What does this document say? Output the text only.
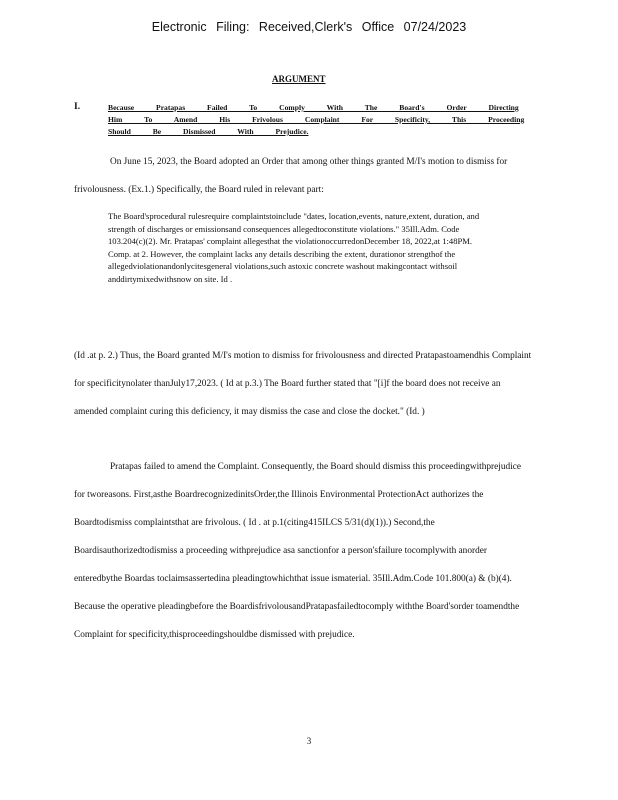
Electronic Filing: Received,Clerk's Office 07/24/2023
ARGUMENT
I.	Because Pratapas Failed To Comply With The Board's Order Directing Him To Amend His Frivolous Complaint For Specificity, This Proceeding Should Be Dismissed With Prejudice.
On June 15, 2023, the Board adopted an Order that among other things granted M/I's motion to dismiss for frivolousness. (Ex.1.) Specifically, the Board ruled in relevant part:
The Board'sprocedural rulesrequire complaintstoinclude "dates, location,events, nature,extent, duration, and strength of discharges or emissionsand consequences allegedtoconstitute violations." 35Ill.Adm. Code 103.204(c)(2). Mr. Pratapas' complaint allegesthat the violationoccurredonDecember 18, 2022,at 1:48PM. Comp. at 2. However, the complaint lacks any details describing the extent, durationor strengthof the allegedviolationandonlycitesgeneral violations,such astoxic concrete washout makingcontact withsoil anddirtymixedwithsnow on site. Id .
(Id .at p. 2.) Thus, the Board granted M/I's motion to dismiss for frivolousness and directed Pratapastoamendhis Complaint for specificitynolater thanJuly17,2023. ( Id at p.3.) The Board further stated that "[i]f the board does not receive an amended complaint curing this deficiency, it may dismiss the case and close the docket." (Id. )
Pratapas failed to amend the Complaint. Consequently, the Board should dismiss this proceedingwithprejudice for tworeasons. First,asthe BoardrecognizedinitsOrder,the Illinois Environmental ProtectionAct authorizes the Boardtodismiss complaintsthat are frivolous. ( Id . at p.1(citing415ILCS 5/31(d)(1)).) Second,the Boardisauthorizedtodismiss a proceeding withprejudice asa sanctionfor a person'sfailure tocomplywith anorder enteredbythe Boardas toclaimsassertedina pleadingtowhichthat issue ismaterial. 35Ill.Adm.Code 101.800(a) & (b)(4). Because the operative pleadingbefore the BoardisfrivolousandPratapasfailedtocomply withthe Board'sorder toamendthe Complaint for specificity,thisproceedingshouldbe dismissed with prejudice.
3
